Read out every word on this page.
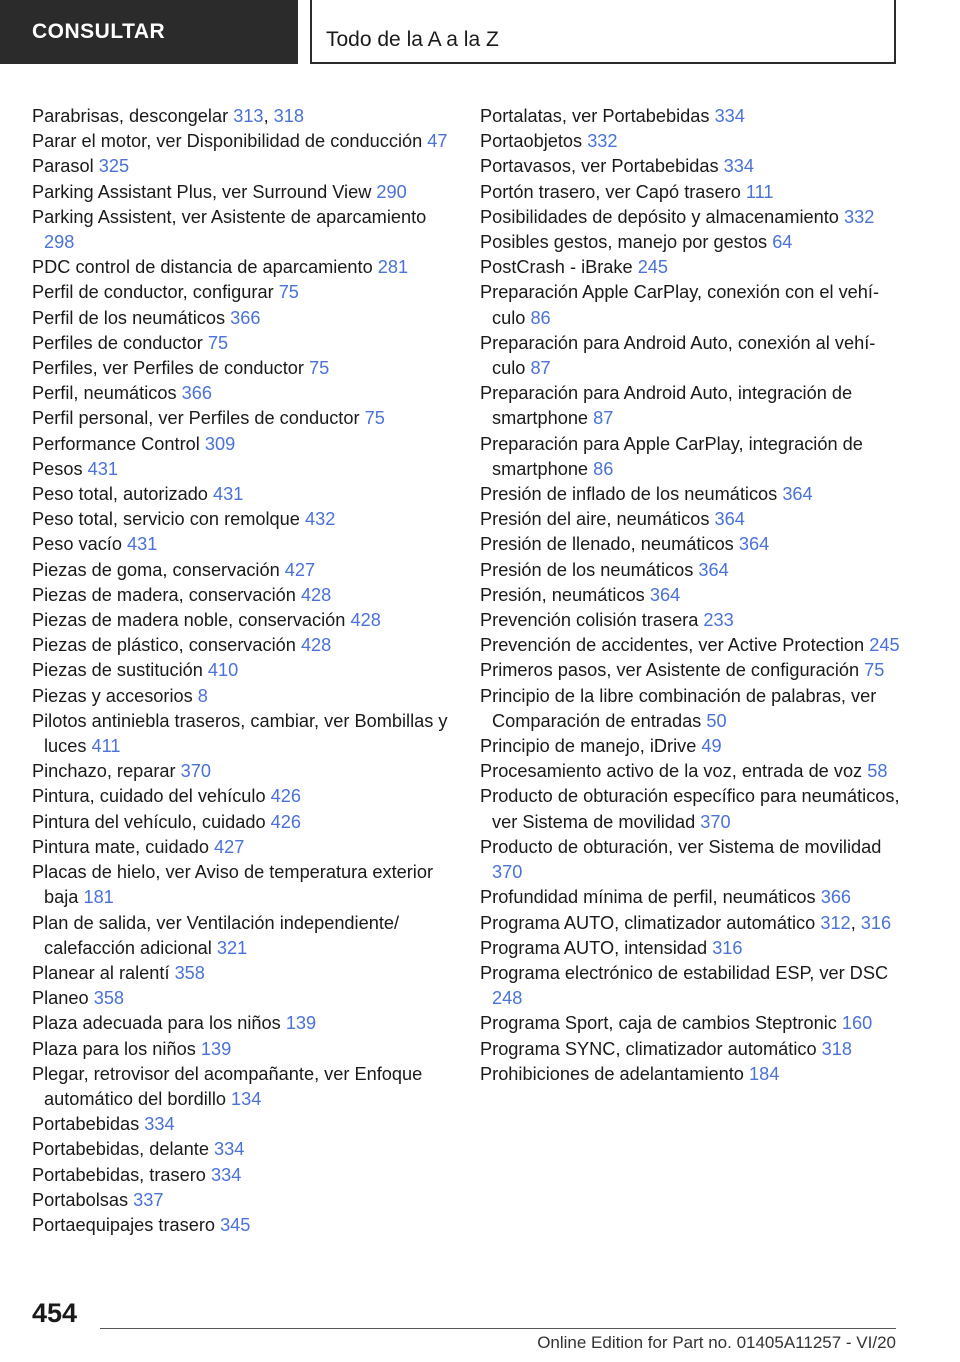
CONSULTAR	Todo de la A a la Z
Parabrisas, descongelar 313, 318
Parar el motor, ver Disponibilidad de conducción 47
Parasol 325
Parking Assistant Plus, ver Surround View 290
Parking Assistent, ver Asistente de aparcamiento 298
PDC control de distancia de aparcamiento 281
Perfil de conductor, configurar 75
Perfil de los neumáticos 366
Perfiles de conductor 75
Perfiles, ver Perfiles de conductor 75
Perfil, neumáticos 366
Perfil personal, ver Perfiles de conductor 75
Performance Control 309
Pesos 431
Peso total, autorizado 431
Peso total, servicio con remolque 432
Peso vacío 431
Piezas de goma, conservación 427
Piezas de madera, conservación 428
Piezas de madera noble, conservación 428
Piezas de plástico, conservación 428
Piezas de sustitución 410
Piezas y accesorios 8
Pilotos antiniebla traseros, cambiar, ver Bombillas y luces 411
Pinchazo, reparar 370
Pintura, cuidado del vehículo 426
Pintura del vehículo, cuidado 426
Pintura mate, cuidado 427
Placas de hielo, ver Aviso de temperatura exterior baja 181
Plan de salida, ver Ventilación independiente/ calefacción adicional 321
Planear al ralentí 358
Planeo 358
Plaza adecuada para los niños 139
Plaza para los niños 139
Plegar, retrovisor del acompañante, ver Enfoque automático del bordillo 134
Portabebidas 334
Portabebidas, delante 334
Portabebidas, trasero 334
Portabolsas 337
Portaequipajes trasero 345
Portalatas, ver Portabebidas 334
Portaobjetos 332
Portavasos, ver Portabebidas 334
Portón trasero, ver Capó trasero 111
Posibilidades de depósito y almacenamiento 332
Posibles gestos, manejo por gestos 64
PostCrash - iBrake 245
Preparación Apple CarPlay, conexión con el vehículo 86
Preparación para Android Auto, conexión al vehículo 87
Preparación para Android Auto, integración de smartphone 87
Preparación para Apple CarPlay, integración de smartphone 86
Presión de inflado de los neumáticos 364
Presión del aire, neumáticos 364
Presión de llenado, neumáticos 364
Presión de los neumáticos 364
Presión, neumáticos 364
Prevención colisión trasera 233
Prevención de accidentes, ver Active Protection 245
Primeros pasos, ver Asistente de configuración 75
Principio de la libre combinación de palabras, ver Comparación de entradas 50
Principio de manejo, iDrive 49
Procesamiento activo de la voz, entrada de voz 58
Producto de obturación específico para neumáticos, ver Sistema de movilidad 370
Producto de obturación, ver Sistema de movilidad 370
Profundidad mínima de perfil, neumáticos 366
Programa AUTO, climatizador automático 312, 316
Programa AUTO, intensidad 316
Programa electrónico de estabilidad ESP, ver DSC 248
Programa Sport, caja de cambios Steptronic 160
Programa SYNC, climatizador automático 318
Prohibiciones de adelantamiento 184
454
Online Edition for Part no. 01405A11257 - VI/20
